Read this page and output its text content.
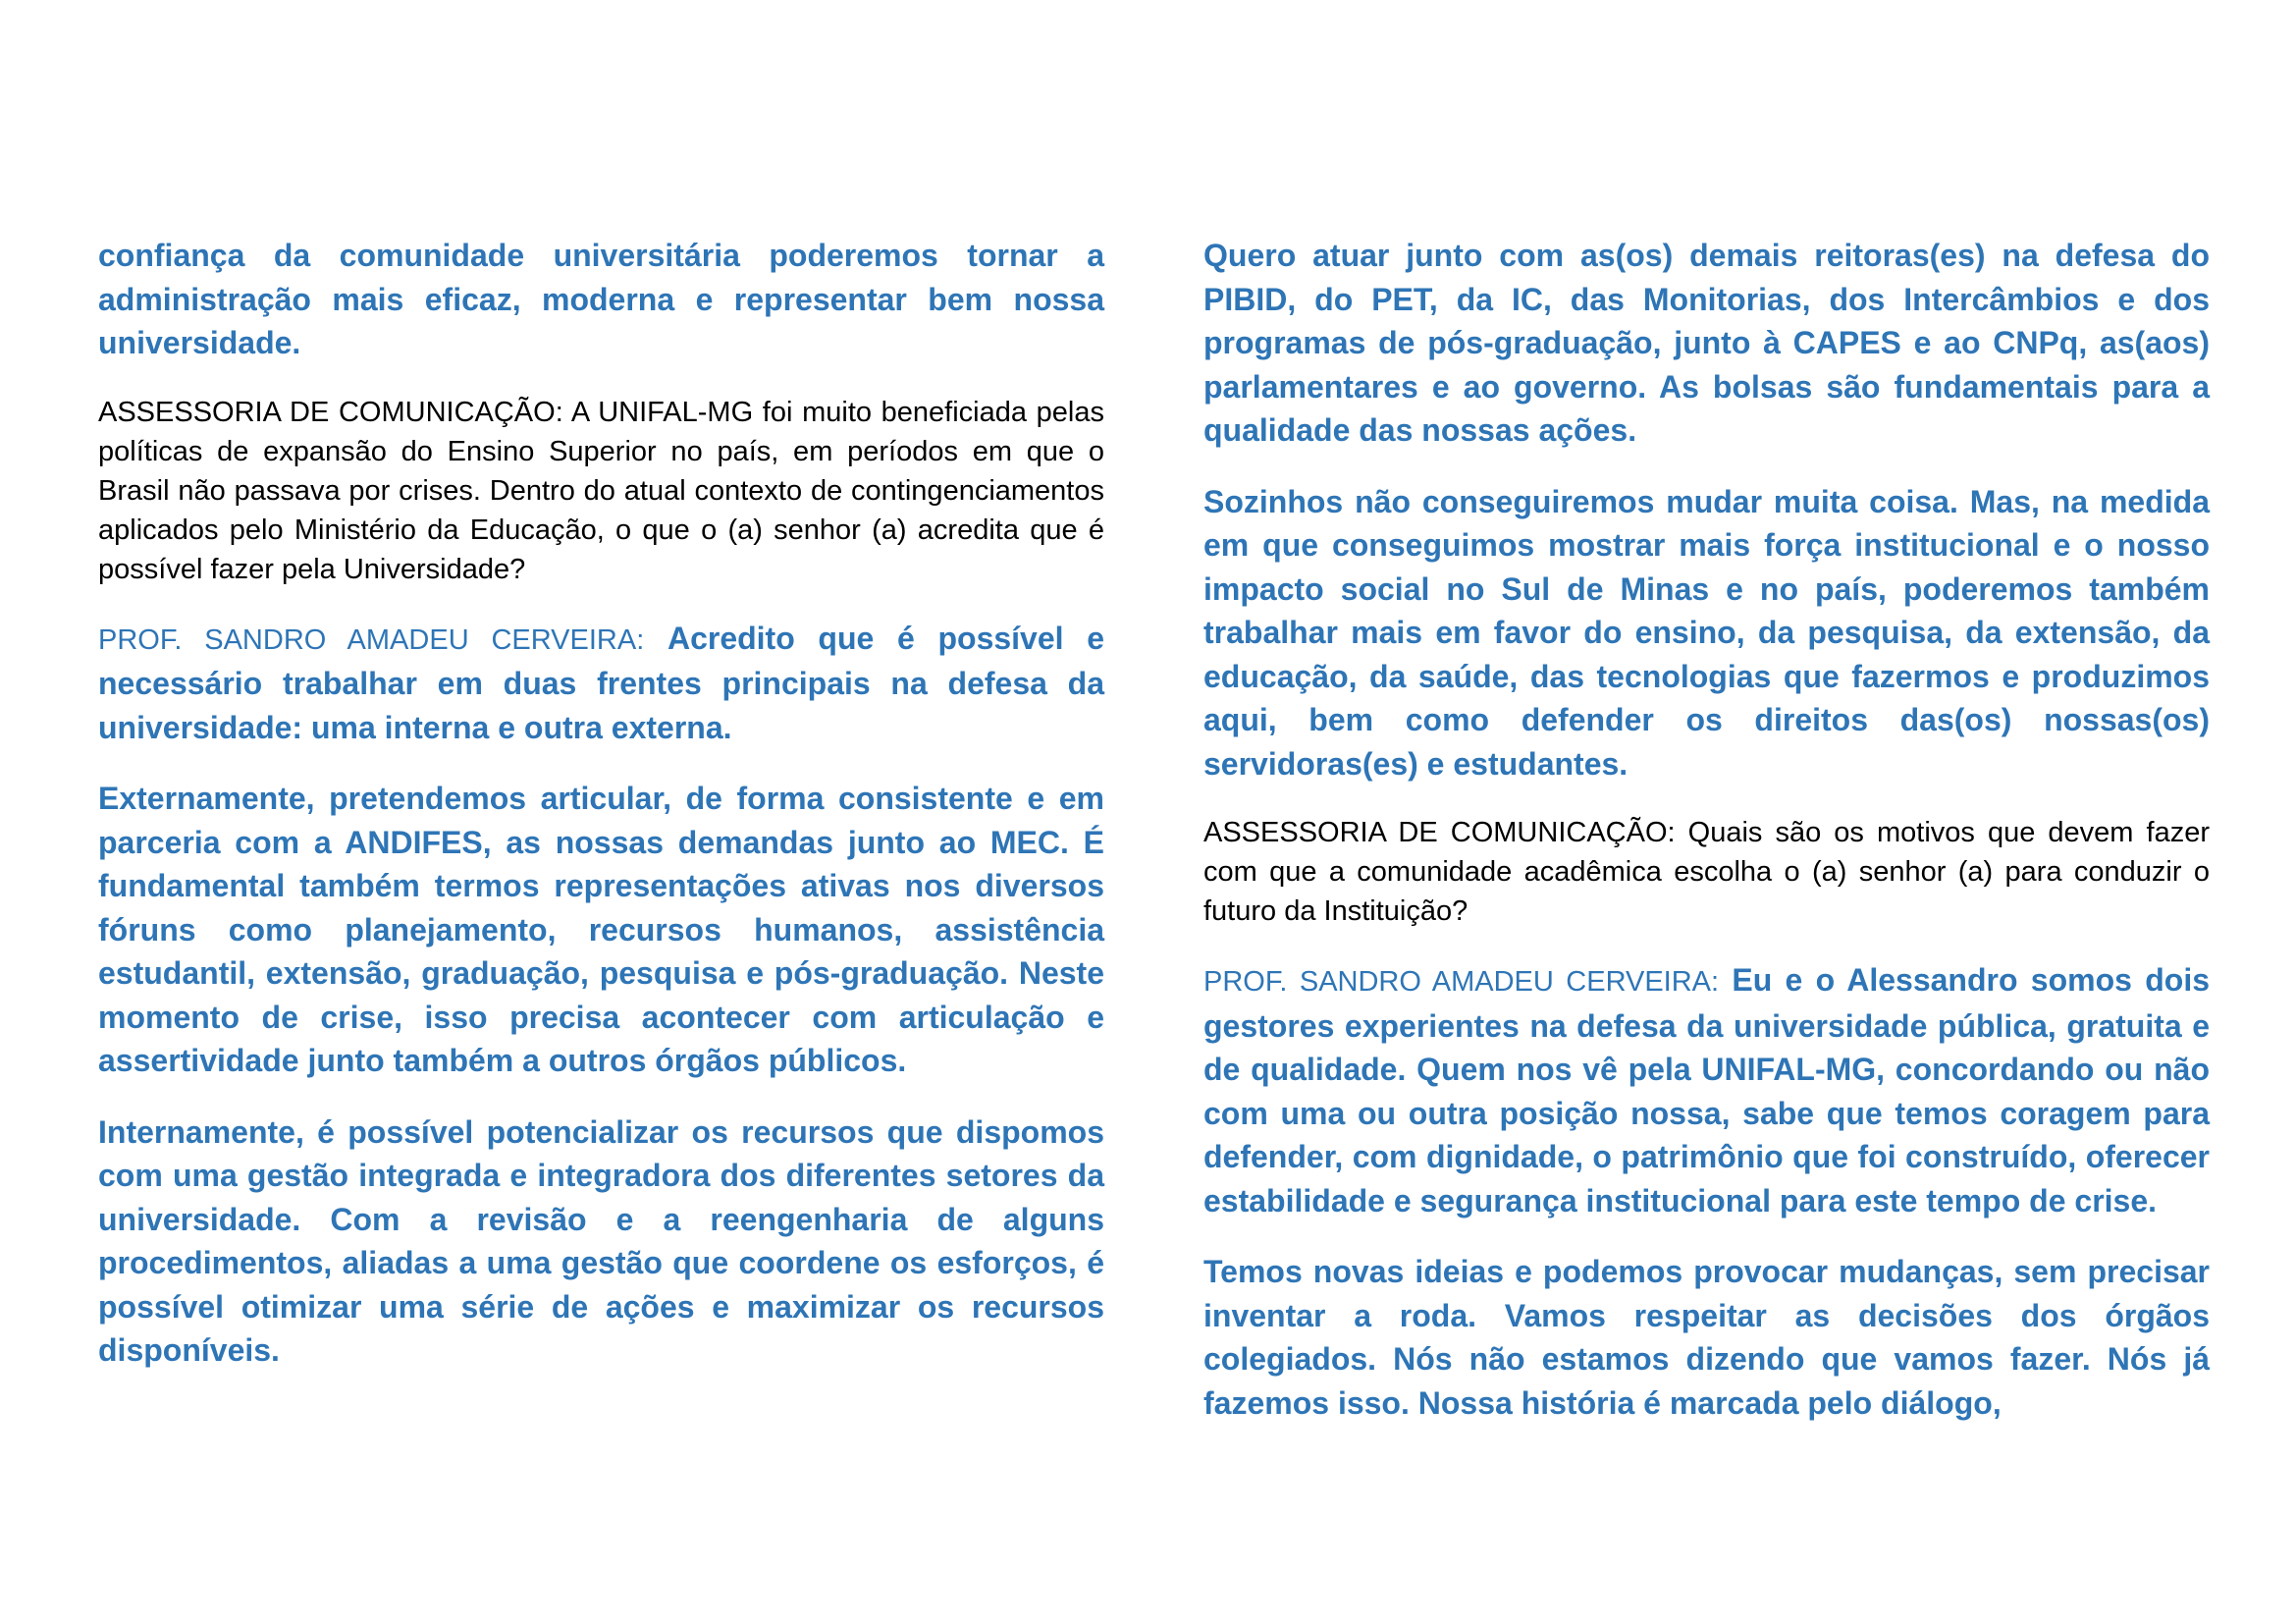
confiança da comunidade universitária poderemos tornar a administração mais eficaz, moderna e representar bem nossa universidade.

ASSESSORIA DE COMUNICAÇÃO: A UNIFAL-MG foi muito beneficiada pelas políticas de expansão do Ensino Superior no país, em períodos em que o Brasil não passava por crises. Dentro do atual contexto de contingenciamentos aplicados pelo Ministério da Educação, o que o (a) senhor (a) acredita que é possível fazer pela Universidade?

PROF. SANDRO AMADEU CERVEIRA: Acredito que é possível e necessário trabalhar em duas frentes principais na defesa da universidade: uma interna e outra externa.

Externamente, pretendemos articular, de forma consistente e em parceria com a ANDIFES, as nossas demandas junto ao MEC. É fundamental também termos representações ativas nos diversos fóruns como planejamento, recursos humanos, assistência estudantil, extensão, graduação, pesquisa e pós-graduação. Neste momento de crise, isso precisa acontecer com articulação e assertividade junto também a outros órgãos públicos.

Internamente, é possível potencializar os recursos que dispomos com uma gestão integrada e integradora dos diferentes setores da universidade. Com a revisão e a reengenharia de alguns procedimentos, aliadas a uma gestão que coordene os esforços, é possível otimizar uma série de ações e maximizar os recursos disponíveis.

Quero atuar junto com as(os) demais reitoras(es) na defesa do PIBID, do PET, da IC, das Monitorias, dos Intercâmbios e dos programas de pós-graduação, junto à CAPES e ao CNPq, as(aos) parlamentares e ao governo. As bolsas são fundamentais para a qualidade das nossas ações.

Sozinhos não conseguiremos mudar muita coisa. Mas, na medida em que conseguimos mostrar mais força institucional e o nosso impacto social no Sul de Minas e no país, poderemos também trabalhar mais em favor do ensino, da pesquisa, da extensão, da educação, da saúde, das tecnologias que fazermos e produzimos aqui, bem como defender os direitos das(os) nossas(os) servidoras(es) e estudantes.

ASSESSORIA DE COMUNICAÇÃO: Quais são os motivos que devem fazer com que a comunidade acadêmica escolha o (a) senhor (a) para conduzir o futuro da Instituição?

PROF. SANDRO AMADEU CERVEIRA: Eu e o Alessandro somos dois gestores experientes na defesa da universidade pública, gratuita e de qualidade. Quem nos vê pela UNIFAL-MG, concordando ou não com uma ou outra posição nossa, sabe que temos coragem para defender, com dignidade, o patrimônio que foi construído, oferecer estabilidade e segurança institucional para este tempo de crise.

Temos novas ideias e podemos provocar mudanças, sem precisar inventar a roda. Vamos respeitar as decisões dos órgãos colegiados. Nós não estamos dizendo que vamos fazer. Nós já fazemos isso. Nossa história é marcada pelo diálogo,
